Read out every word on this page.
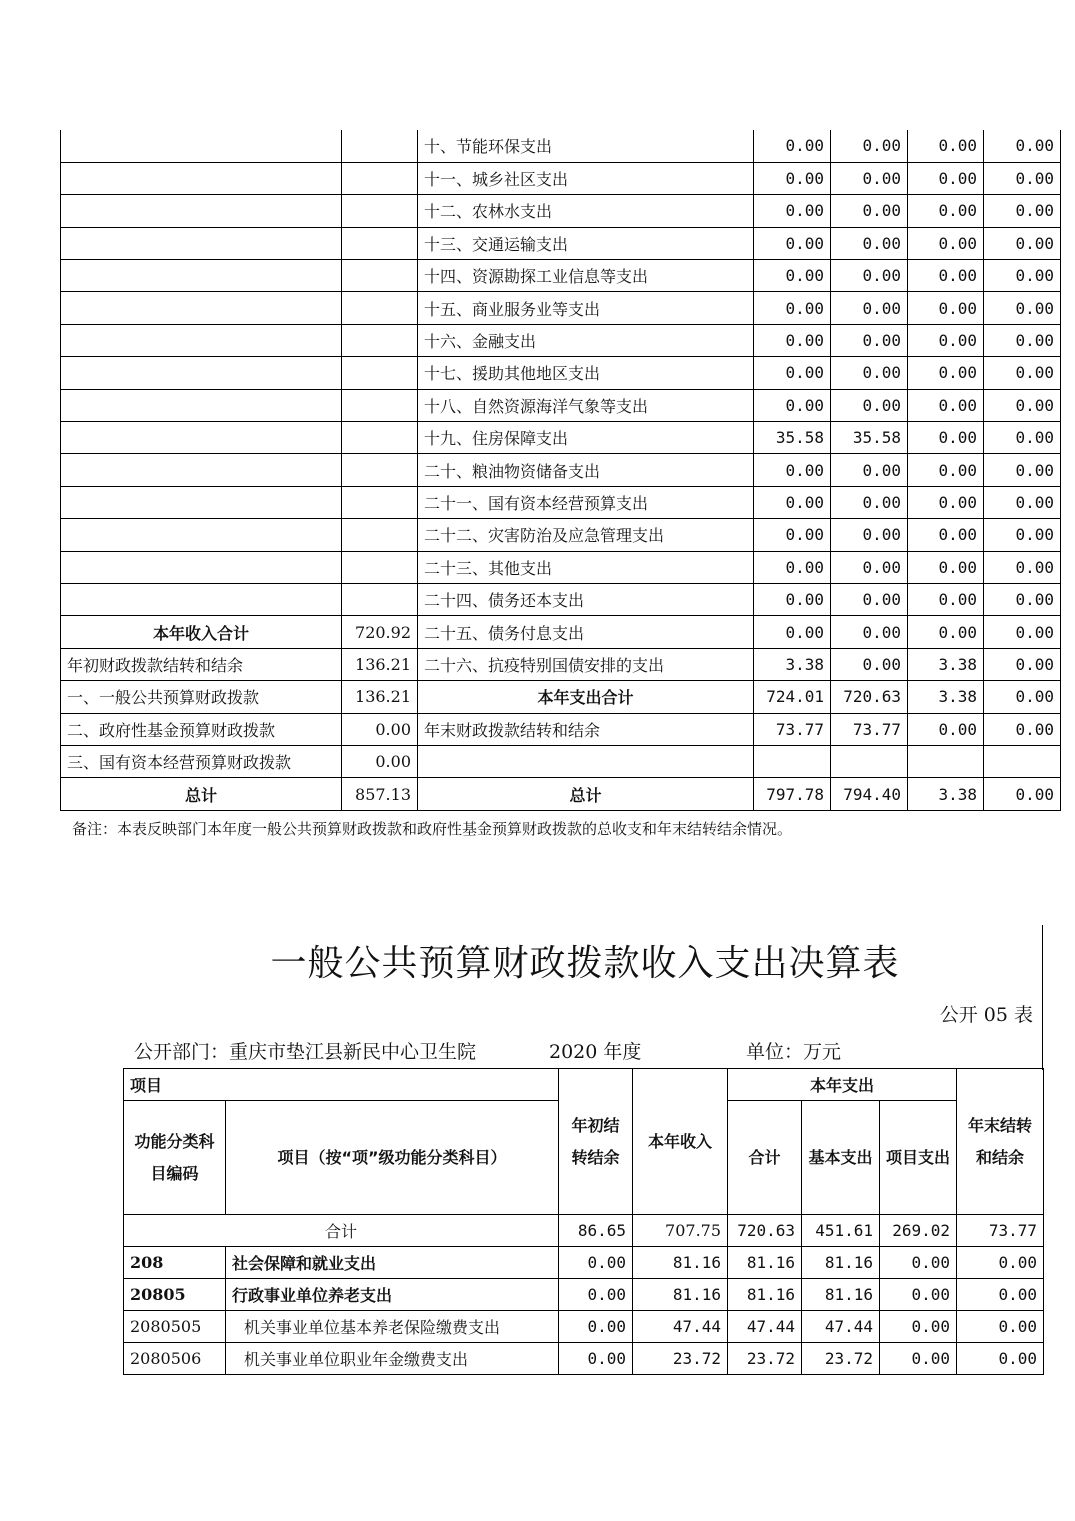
		十、节能环保支出	0.00	0.00	0.00	0.00
		十一、城乡社区支出	0.00	0.00	0.00	0.00
		十二、农林水支出	0.00	0.00	0.00	0.00
		十三、交通运输支出	0.00	0.00	0.00	0.00
		十四、资源勘探工业信息等支出	0.00	0.00	0.00	0.00
		十五、商业服务业等支出	0.00	0.00	0.00	0.00
		十六、金融支出	0.00	0.00	0.00	0.00
		十七、援助其他地区支出	0.00	0.00	0.00	0.00
		十八、自然资源海洋气象等支出	0.00	0.00	0.00	0.00
		十九、住房保障支出	35.58	35.58	0.00	0.00
		二十、粮油物资储备支出	0.00	0.00	0.00	0.00
		二十一、国有资本经营预算支出	0.00	0.00	0.00	0.00
		二十二、灾害防治及应急管理支出	0.00	0.00	0.00	0.00
		二十三、其他支出	0.00	0.00	0.00	0.00
		二十四、债务还本支出	0.00	0.00	0.00	0.00
本年收入合计	720.92	二十五、债务付息支出	0.00	0.00	0.00	0.00
年初财政拨款结转和结余	136.21	二十六、抗疫特别国债安排的支出	3.38	0.00	3.38	0.00
一、一般公共预算财政拨款	136.21	本年支出合计	724.01	720.63	3.38	0.00
二、政府性基金预算财政拨款	0.00	年末财政拨款结转和结余	73.77	73.77	0.00	0.00
三、国有资本经营预算财政拨款	0.00					
总计	857.13	总计	797.78	794.40	3.38	0.00
备注：本表反映部门本年度一般公共预算财政拨款和政府性基金预算财政拨款的总收支和年末结转结余情况。
一般公共预算财政拨款收入支出决算表
公开 05 表
公开部门：重庆市垫江县新民中心卫生院	2020 年度	单位：万元
项目		年初结转结余	本年收入	本年支出			年末结转和结余
功能分类科目编码	项目（按“项”级功能分类科目）			合计	基本支出	项目支出	
合计		86.65	707.75	720.63	451.61	269.02	73.77
208	社会保障和就业支出	0.00	81.16	81.16	81.16	0.00	0.00
20805	行政事业单位养老支出	0.00	81.16	81.16	81.16	0.00	0.00
2080505	机关事业单位基本养老保险缴费支出	0.00	47.44	47.44	47.44	0.00	0.00
2080506	机关事业单位职业年金缴费支出	0.00	23.72	23.72	23.72	0.00	0.00
